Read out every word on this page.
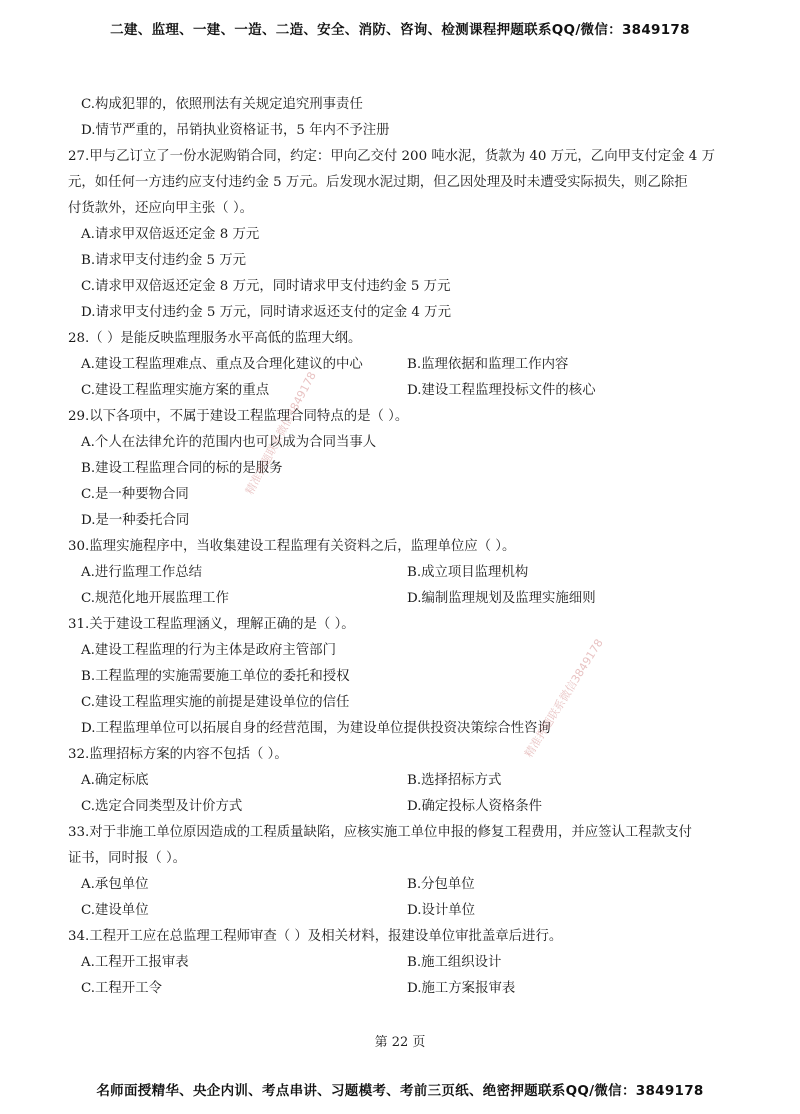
二建、监理、一建、一造、二造、安全、消防、咨询、检测课程押题联系QQ/微信：3849178
C.构成犯罪的，依照刑法有关规定追究刑事责任
D.情节严重的，吊销执业资格证书，5 年内不予注册
27.甲与乙订立了一份水泥购销合同，约定：甲向乙交付 200 吨水泥，货款为 40 万元，乙向甲支付定金 4 万
元，如任何一方违约应支付违约金 5 万元。后发现水泥过期，但乙因处理及时未遭受实际损失，则乙除拒
付货款外，还应向甲主张（ ）。
A.请求甲双倍返还定金 8 万元
B.请求甲支付违约金 5 万元
C.请求甲双倍返还定金 8 万元，同时请求甲支付违约金 5 万元
D.请求甲支付违约金 5 万元，同时请求返还支付的定金 4 万元
28.（ ）是能反映监理服务水平高低的监理大纲。
A.建设工程监理难点、重点及合理化建议的中心	B.监理依据和监理工作内容
C.建设工程监理实施方案的重点	D.建设工程监理投标文件的核心
29.以下各项中，不属于建设工程监理合同特点的是（ ）。
A.个人在法律允许的范围内也可以成为合同当事人
B.建设工程监理合同的标的是服务
C.是一种要物合同
D.是一种委托合同
30.监理实施程序中，当收集建设工程监理有关资料之后，监理单位应（ ）。
A.进行监理工作总结	B.成立项目监理机构
C.规范化地开展监理工作	D.编制监理规划及监理实施细则
31.关于建设工程监理涵义，理解正确的是（ ）。
A.建设工程监理的行为主体是政府主管部门
B.工程监理的实施需要施工单位的委托和授权
C.建设工程监理实施的前提是建设单位的信任
D.工程监理单位可以拓展自身的经营范围，为建设单位提供投资决策综合性咨询
32.监理招标方案的内容不包括（ ）。
A.确定标底	B.选择招标方式
C.选定合同类型及计价方式	D.确定投标人资格条件
33.对于非施工单位原因造成的工程质量缺陷，应核实施工单位申报的修复工程费用，并应签认工程款支付
证书，同时报（ ）。
A.承包单位	B.分包单位
C.建设单位	D.设计单位
34.工程开工应在总监理工程师审查（ ）及相关材料，报建设单位审批盖章后进行。
A.工程开工报审表	B.施工组织设计
C.工程开工令	D.施工方案报审表
精准押题联系微信3849178
精准押题联系微信3849178
第 22 页
名师面授精华、央企内训、考点串讲、习题模考、考前三页纸、绝密押题联系QQ/微信：3849178
